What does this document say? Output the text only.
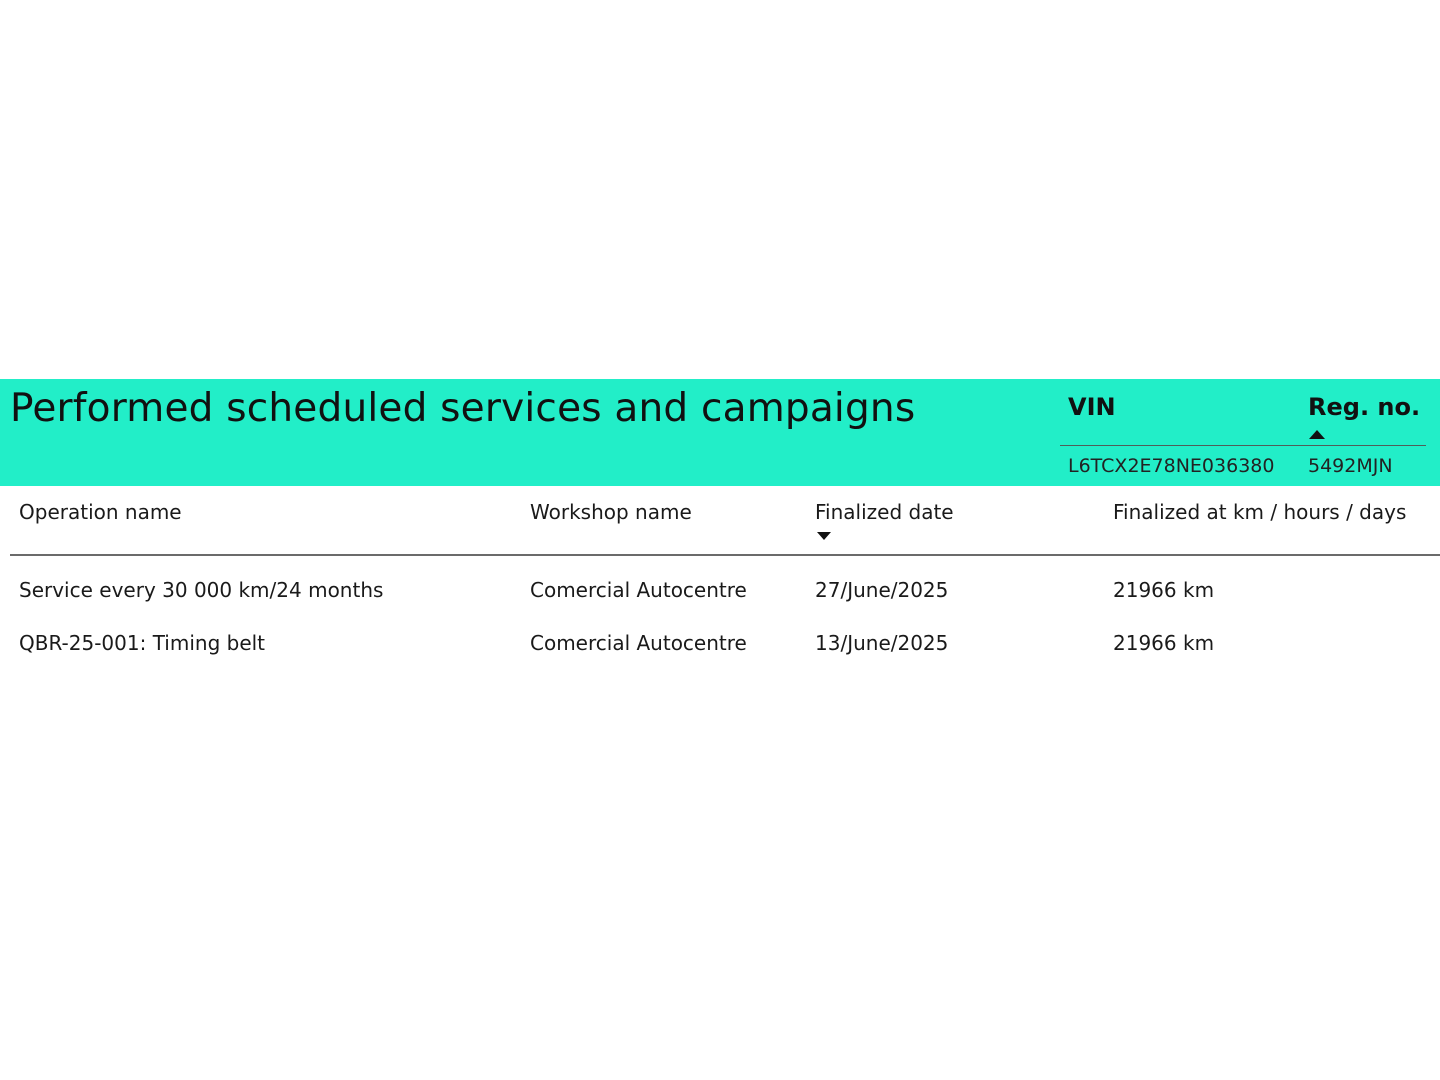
Performed scheduled services and campaigns	VIN	Reg. no.
L6TCX2E78NE036380 5492MJN
Operation name	Workshop name	Finalized date	Finalized at km / hours / days
Service every 30 000 km/24 months	Comercial Autocentre	27/June/2025	21966 km
QBR-25-001: Timing belt	Comercial Autocentre	13/June/2025	21966 km
